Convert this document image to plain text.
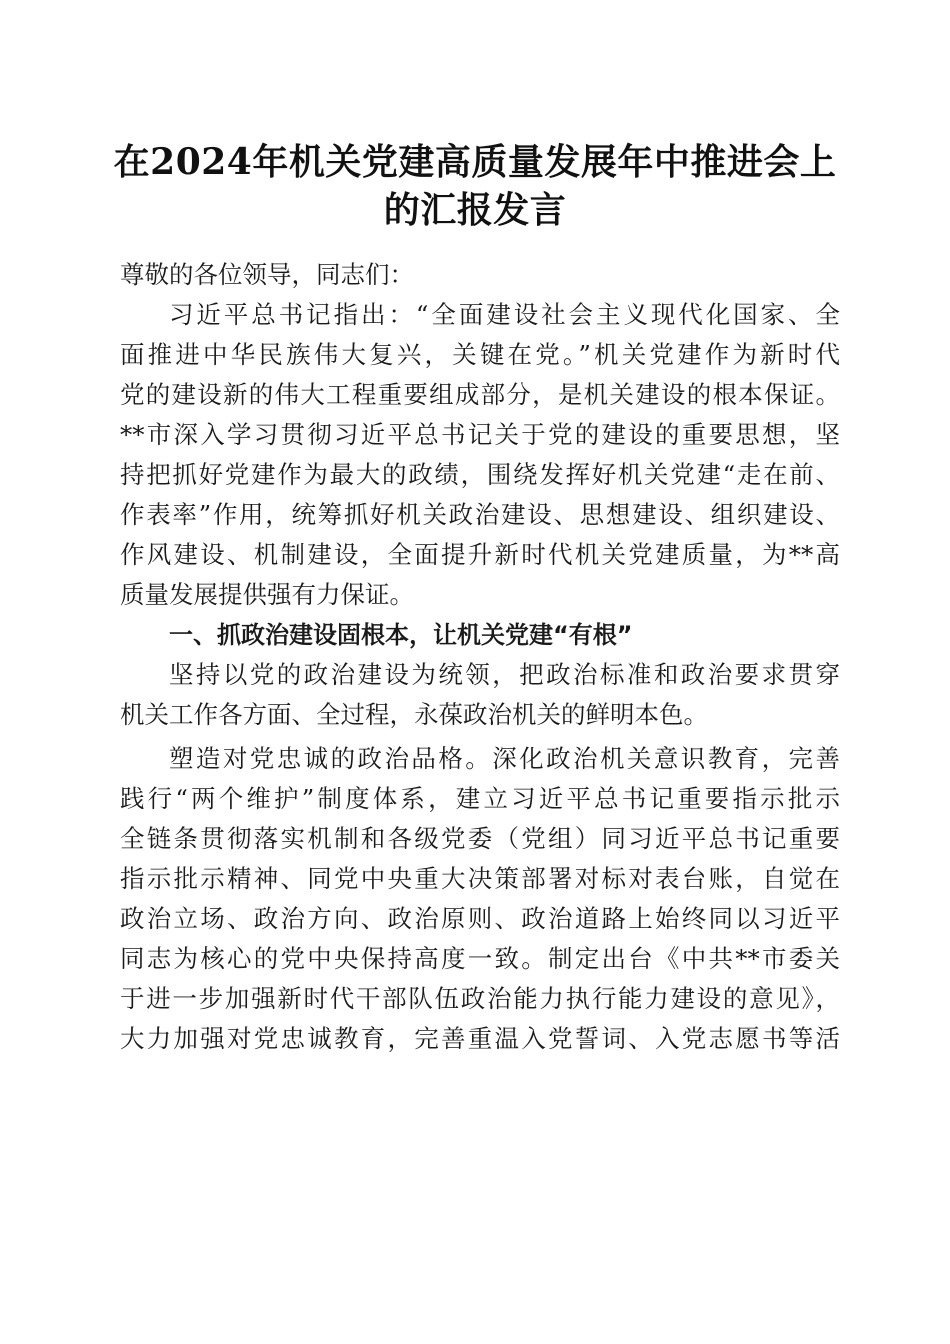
在2024年机关党建高质量发展年中推进会上
的汇报发言
尊敬的各位领导，同志们：
习近平总书记指出：“全面建设社会主义现代化国家、全
面推进中华民族伟大复兴，关键在党。”机关党建作为新时代
党的建设新的伟大工程重要组成部分，是机关建设的根本保证。
**市深入学习贯彻习近平总书记关于党的建设的重要思想，坚
持把抓好党建作为最大的政绩，围绕发挥好机关党建“走在前、
作表率”作用，统筹抓好机关政治建设、思想建设、组织建设、
作风建设、机制建设，全面提升新时代机关党建质量，为**高
质量发展提供强有力保证。
一、抓政治建设固根本，让机关党建“有根”
坚持以党的政治建设为统领，把政治标准和政治要求贯穿
机关工作各方面、全过程，永葆政治机关的鲜明本色。
塑造对党忠诚的政治品格。深化政治机关意识教育，完善
践行“两个维护”制度体系，建立习近平总书记重要指示批示
全链条贯彻落实机制和各级党委（党组）同习近平总书记重要
指示批示精神、同党中央重大决策部署对标对表台账，自觉在
政治立场、政治方向、政治原则、政治道路上始终同以习近平
同志为核心的党中央保持高度一致。制定出台《中共**市委关
于进一步加强新时代干部队伍政治能力执行能力建设的意见》，
大力加强对党忠诚教育，完善重温入党誓词、入党志愿书等活
